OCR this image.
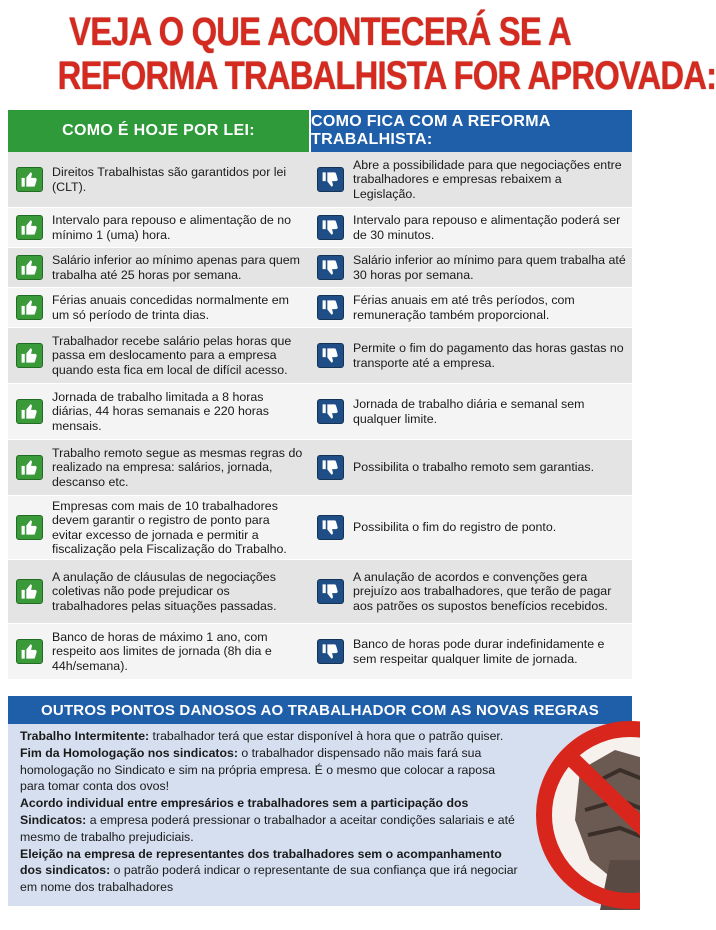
VEJA O QUE ACONTECERÁ SE A
REFORMA TRABALHISTA FOR APROVADA:
COMO É HOJE POR LEI:
COMO FICA COM A REFORMA TRABALHISTA:
Direitos Trabalhistas são garantidos por lei (CLT).
Abre a possibilidade para que negociações entre trabalhadores e empresas rebaixem a Legislação.
Intervalo para repouso e alimentação de no mínimo 1 (uma) hora.
Intervalo para repouso e alimentação poderá ser de 30 minutos.
Salário inferior ao mínimo apenas para quem trabalha até 25 horas por semana.
Salário inferior ao mínimo para quem trabalha até 30 horas por semana.
Férias anuais concedidas normalmente em um só período de trinta dias.
Férias anuais em até três períodos, com remuneração também proporcional.
Trabalhador recebe salário pelas horas que passa em deslocamento para a empresa quando esta fica em local de difícil acesso.
Permite o fim do pagamento das horas gastas no transporte até a empresa.
Jornada de trabalho limitada a 8 horas diárias, 44 horas semanais e 220 horas mensais.
Jornada de trabalho diária e semanal sem qualquer limite.
Trabalho remoto segue as mesmas regras do realizado na empresa: salários, jornada, descanso etc.
Possibilita o trabalho remoto sem garantias.
Empresas com mais de 10 trabalhadores devem garantir o registro de ponto para evitar excesso de jornada e permitir a fiscalização pela Fiscalização do Trabalho.
Possibilita o fim do registro de ponto.
A anulação de cláusulas de negociações coletivas não pode prejudicar os trabalhadores pelas situações passadas.
A anulação de acordos e convenções gera prejuízo aos trabalhadores, que terão de pagar aos patrões os supostos benefícios recebidos.
Banco de horas de máximo 1 ano, com respeito aos limites de jornada (8h dia e 44h/semana).
Banco de horas pode durar indefinidamente e sem respeitar qualquer limite de jornada.
OUTROS PONTOS DANOSOS AO TRABALHADOR COM AS NOVAS REGRAS
Trabalho Intermitente: trabalhador terá que estar disponível à hora que o patrão quiser.
Fim da Homologação nos sindicatos: o trabalhador dispensado não mais fará sua homologação no Sindicato e sim na própria empresa. É o mesmo que colocar a raposa para tomar conta dos ovos!
Acordo individual entre empresários e trabalhadores sem a participação dos Sindicatos: a empresa poderá pressionar o trabalhador a aceitar condições salariais e até mesmo de trabalho prejudiciais.
Eleição na empresa de representantes dos trabalhadores sem o acompanhamento dos sindicatos: o patrão poderá indicar o representante de sua confiança que irá negociar em nome dos trabalhadores
